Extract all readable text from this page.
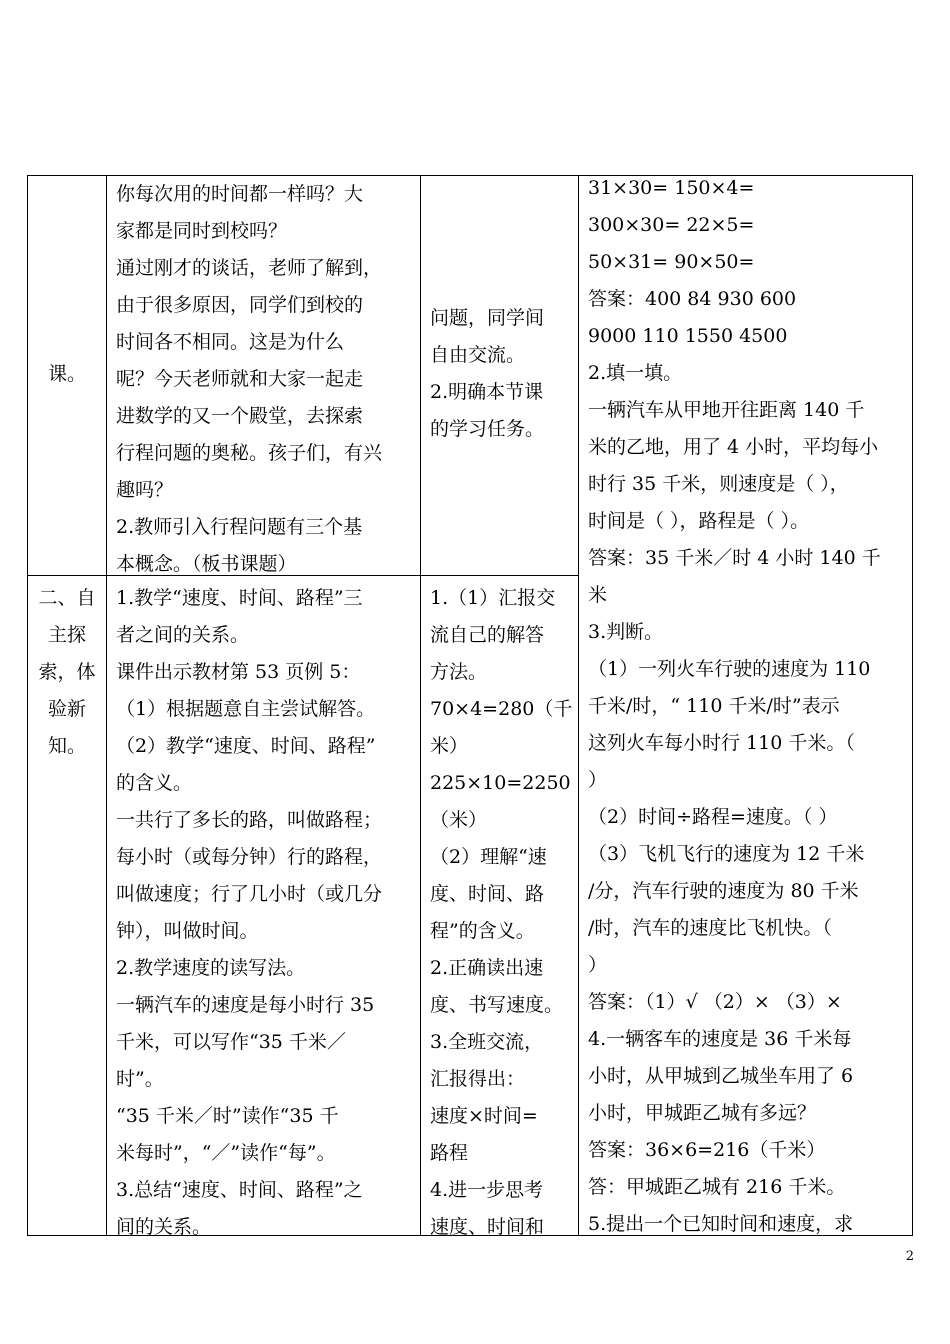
课。
你每次用的时间都一样吗？大
家都是同时到校吗？
通过刚才的谈话，老师了解到，
由于很多原因，同学们到校的
时间各不相同。这是为什么
呢？今天老师就和大家一起走
进数学的又一个殿堂，去探索
行程问题的奥秘。孩子们，有兴
趣吗？
2.教师引入行程问题有三个基
本概念。（板书课题）
问题，同学间
自由交流。
2.明确本节课
的学习任务。
二、自
主探
索，体
验新
知。
1.教学“速度、时间、路程”三
者之间的关系。
课件出示教材第 53 页例 5：
（1）根据题意自主尝试解答。
（2）教学“速度、时间、路程”
的含义。
一共行了多长的路，叫做路程；
每小时（或每分钟）行的路程，
叫做速度；行了几小时（或几分
钟），叫做时间。
2.教学速度的读写法。
一辆汽车的速度是每小时行 35
千米，可以写作“35 千米／
时”。
“35 千米／时”读作“35 千
米每时”，“／”读作“每”。
3.总结“速度、时间、路程”之
间的关系。
1.（1）汇报交
流自己的解答
方法。
70×4=280（千
米）
225×10=2250
（米）
（2）理解“速
度、时间、路
程”的含义。
2.正确读出速
度、书写速度。
3.全班交流，
汇报得出：
速度×时间=
路程
4.进一步思考
速度、时间和
31×30= 150×4=
300×30= 22×5=
50×31= 90×50=
答案：400 84 930 600
9000 110 1550 4500
2.填一填。
一辆汽车从甲地开往距离 140 千
米的乙地，用了 4 小时，平均每小
时行 35 千米，则速度是（ ），
时间是（ ），路程是（ ）。
答案：35 千米／时 4 小时 140 千
米
3.判断。
（1）一列火车行驶的速度为 110
千米/时，“ 110 千米/时”表示
这列火车每小时行 110 千米。（
）
（2）时间÷路程=速度。（ ）
（3）飞机飞行的速度为 12 千米
/分，汽车行驶的速度为 80 千米
/时，汽车的速度比飞机快。（
）
答案：（1）√ （2）× （3）×
4.一辆客车的速度是 36 千米每
小时，从甲城到乙城坐车用了 6
小时，甲城距乙城有多远？
答案：36×6=216（千米）
答：甲城距乙城有 216 千米。
5.提出一个已知时间和速度，求
2
